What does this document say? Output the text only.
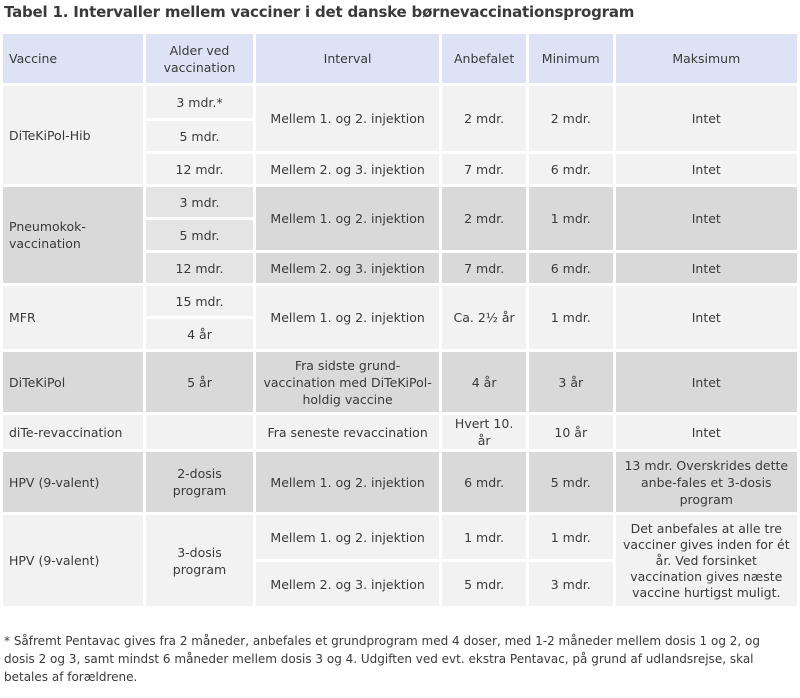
Tabel 1. Intervaller mellem vacciner i det danske børnevaccinationsprogram
Vaccine	Alder ved vaccination	Interval	Anbefalet	Minimum	Maksimum
DiTeKiPol-Hib	3 mdr.*	Mellem 1. og 2. injektion	2 mdr.	2 mdr.	Intet
	5 mdr.				
	12 mdr.	Mellem 2. og 3. injektion	7 mdr.	6 mdr.	Intet
Pneumokok-vaccination	3 mdr.	Mellem 1. og 2. injektion	2 mdr.	1 mdr.	Intet
	5 mdr.				
	12 mdr.	Mellem 2. og 3. injektion	7 mdr.	6 mdr.	Intet
MFR	15 mdr.	Mellem 1. og 2. injektion	Ca. 2½ år	1 mdr.	Intet
	4 år				
DiTeKiPol	5 år	Fra sidste grund-vaccination med DiTeKiPol-holdig vaccine	4 år	3 år	Intet
diTe-revaccination		Fra seneste revaccination	Hvert 10. år	10 år	Intet
HPV (9-valent)	2-dosis program	Mellem 1. og 2. injektion	6 mdr.	5 mdr.	13 mdr. Overskrides dette anbe-fales et 3-dosis program
HPV (9-valent)	3-dosis program	Mellem 1. og 2. injektion	1 mdr.	1 mdr.	Det anbefales at alle tre vacciner gives inden for ét år. Ved forsinket vaccination gives næste vaccine hurtigst muligt.
		Mellem 2. og 3. injektion	5 mdr.	3 mdr.	
* Såfremt Pentavac gives fra 2 måneder, anbefales et grundprogram med 4 doser, med 1-2 måneder mellem dosis 1 og 2, og dosis 2 og 3, samt mindst 6 måneder mellem dosis 3 og 4. Udgiften ved evt. ekstra Pentavac, på grund af udlandsrejse, skal betales af forældrene.
